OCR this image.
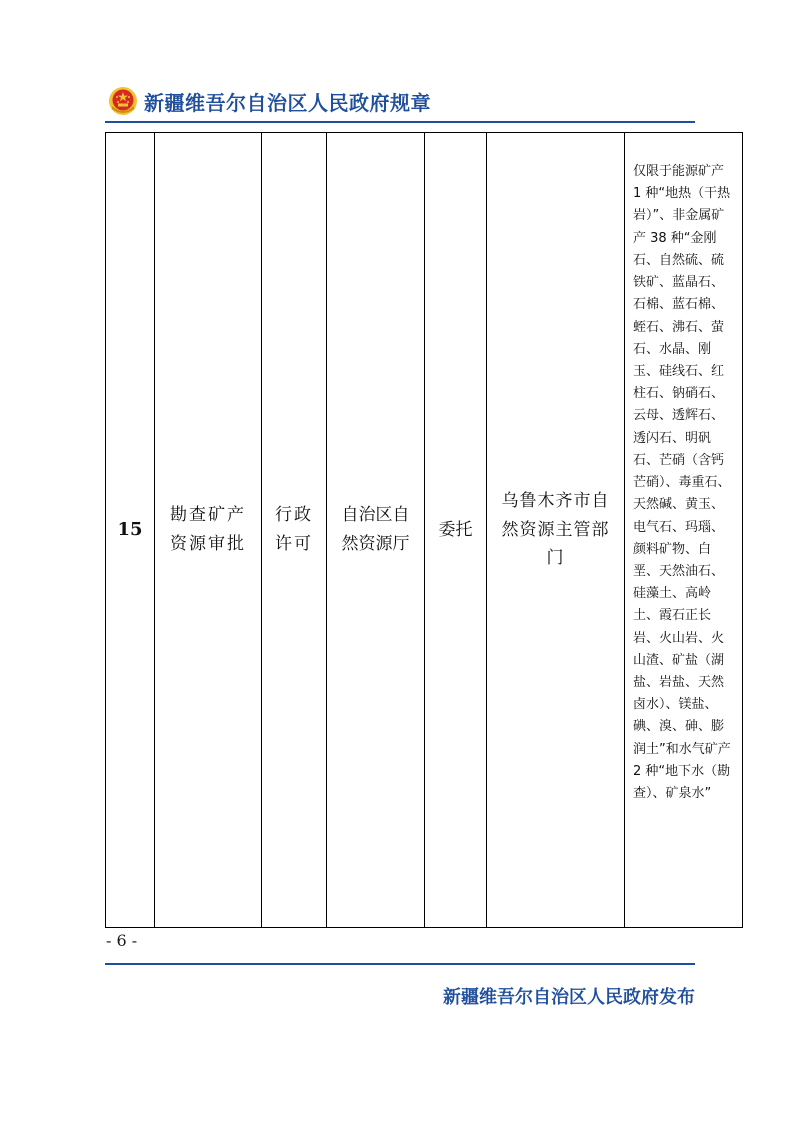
新疆维吾尔自治区人民政府规章
15	勘查矿产资源审批	行政许可	自治区自然资源厅	委托	乌鲁木齐市自然资源主管部门	仅限于能源矿产 1 种“地热（干热岩）”、非金属矿产 38 种“金刚石、自然硫、硫铁矿、蓝晶石、石棉、蓝石棉、蛭石、沸石、萤石、水晶、刚玉、硅线石、红柱石、钠硝石、云母、透辉石、透闪石、明矾石、芒硝（含钙芒硝）、毒重石、天然碱、黄玉、电气石、玛瑙、颜料矿物、白垩、天然油石、硅藻土、高岭土、霞石正长岩、火山岩、火山渣、矿盐（湖盐、岩盐、天然卤水）、镁盐、碘、溴、砷、膨润土”和水气矿产 2 种“地下水（勘查）、矿泉水”
- 6 -
新疆维吾尔自治区人民政府发布
